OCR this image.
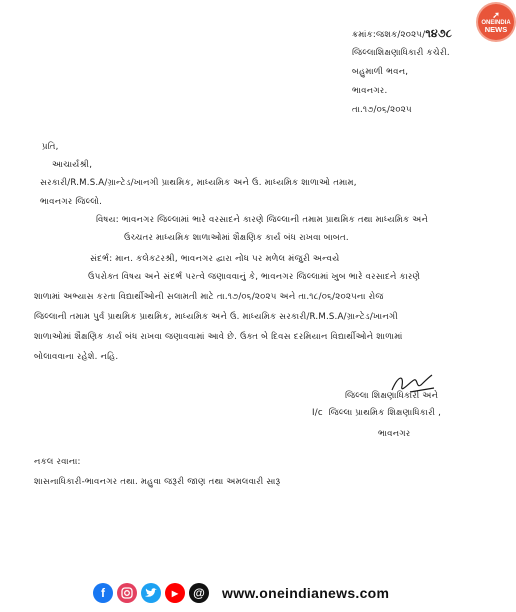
➚
ONEINDIA
NEWS
ક્રમાંક:જશક/૨૦૨૫/૧૪૭૮
જિલ્લાશિક્ષણાધિકારી કચેરી.
બહુમાળી ભવન,
ભાવનગર.
તા.૧૭/૦૬/૨૦૨૫
પ્રતિ,
આચાર્યશ્રી,
સરકારી/R.M.S.A/ગ્રાન્ટેડ/ખાનગી પ્રાથમિક, માધ્યમિક અને ઉ. માધ્યમિક શાળાઓ તમામ,
ભાવનગર જિલ્લો.
વિષય: ભાવનગર જિલ્લામાં ભારે વરસાદને કારણે જિલ્લાની તમામ પ્રાથમિક તથા માધ્યમિક અને
ઉચ્ચતર માધ્યમિક શાળાઓમાં શૈક્ષણિક કાર્ય બંધ રાખવા બાબત.
સંદર્ભ: માન. કલેકટરશ્રી, ભાવનગર દ્વારા નોંધ પર મળેલ મંજુરી અન્વયે
ઉપરોક્ત વિષય અને સંદર્ભ પરત્વે જણાવવાનું કે, ભાવનગર જિલ્લામાં ખુબ ભારે વરસાદને કારણે
શાળામાં અભ્યાસ કરતા વિદ્યાર્થીઓની સલામતી માટે તા.૧૭/૦૬/૨૦૨૫ અને તા.૧૮/૦૬/૨૦૨૫ના રોજ
જિલ્લાની તમામ પુર્વ પ્રાથમિક પ્રાથમિક, માધ્યમિક અને ઉ. માધ્યમિક સરકારી/R.M.S.A/ગ્રાન્ટેડ/ખાનગી
શાળાઓમાં શૈક્ષણિક કાર્ય બંધ રાખવા જણાવવામાં આવે છે. ઉક્ત બે દિવસ દરમિયાન વિદ્યાર્થીઓને શાળામાં
બોલાવવાના રહેશે. નહિ.
જિલ્લા શિક્ષણાધિકારી અને
I/c જિલ્લા પ્રાથમિક શિક્ષણાધિકારી ,
ભાવનગર
નકલ રવાના:
શાસનાધિકારી-ભાવનગર તથા. મહુવા જરૂરી જાણ તથા અમલવારી સારૂ
f	▶	@ www.oneindianews.com
